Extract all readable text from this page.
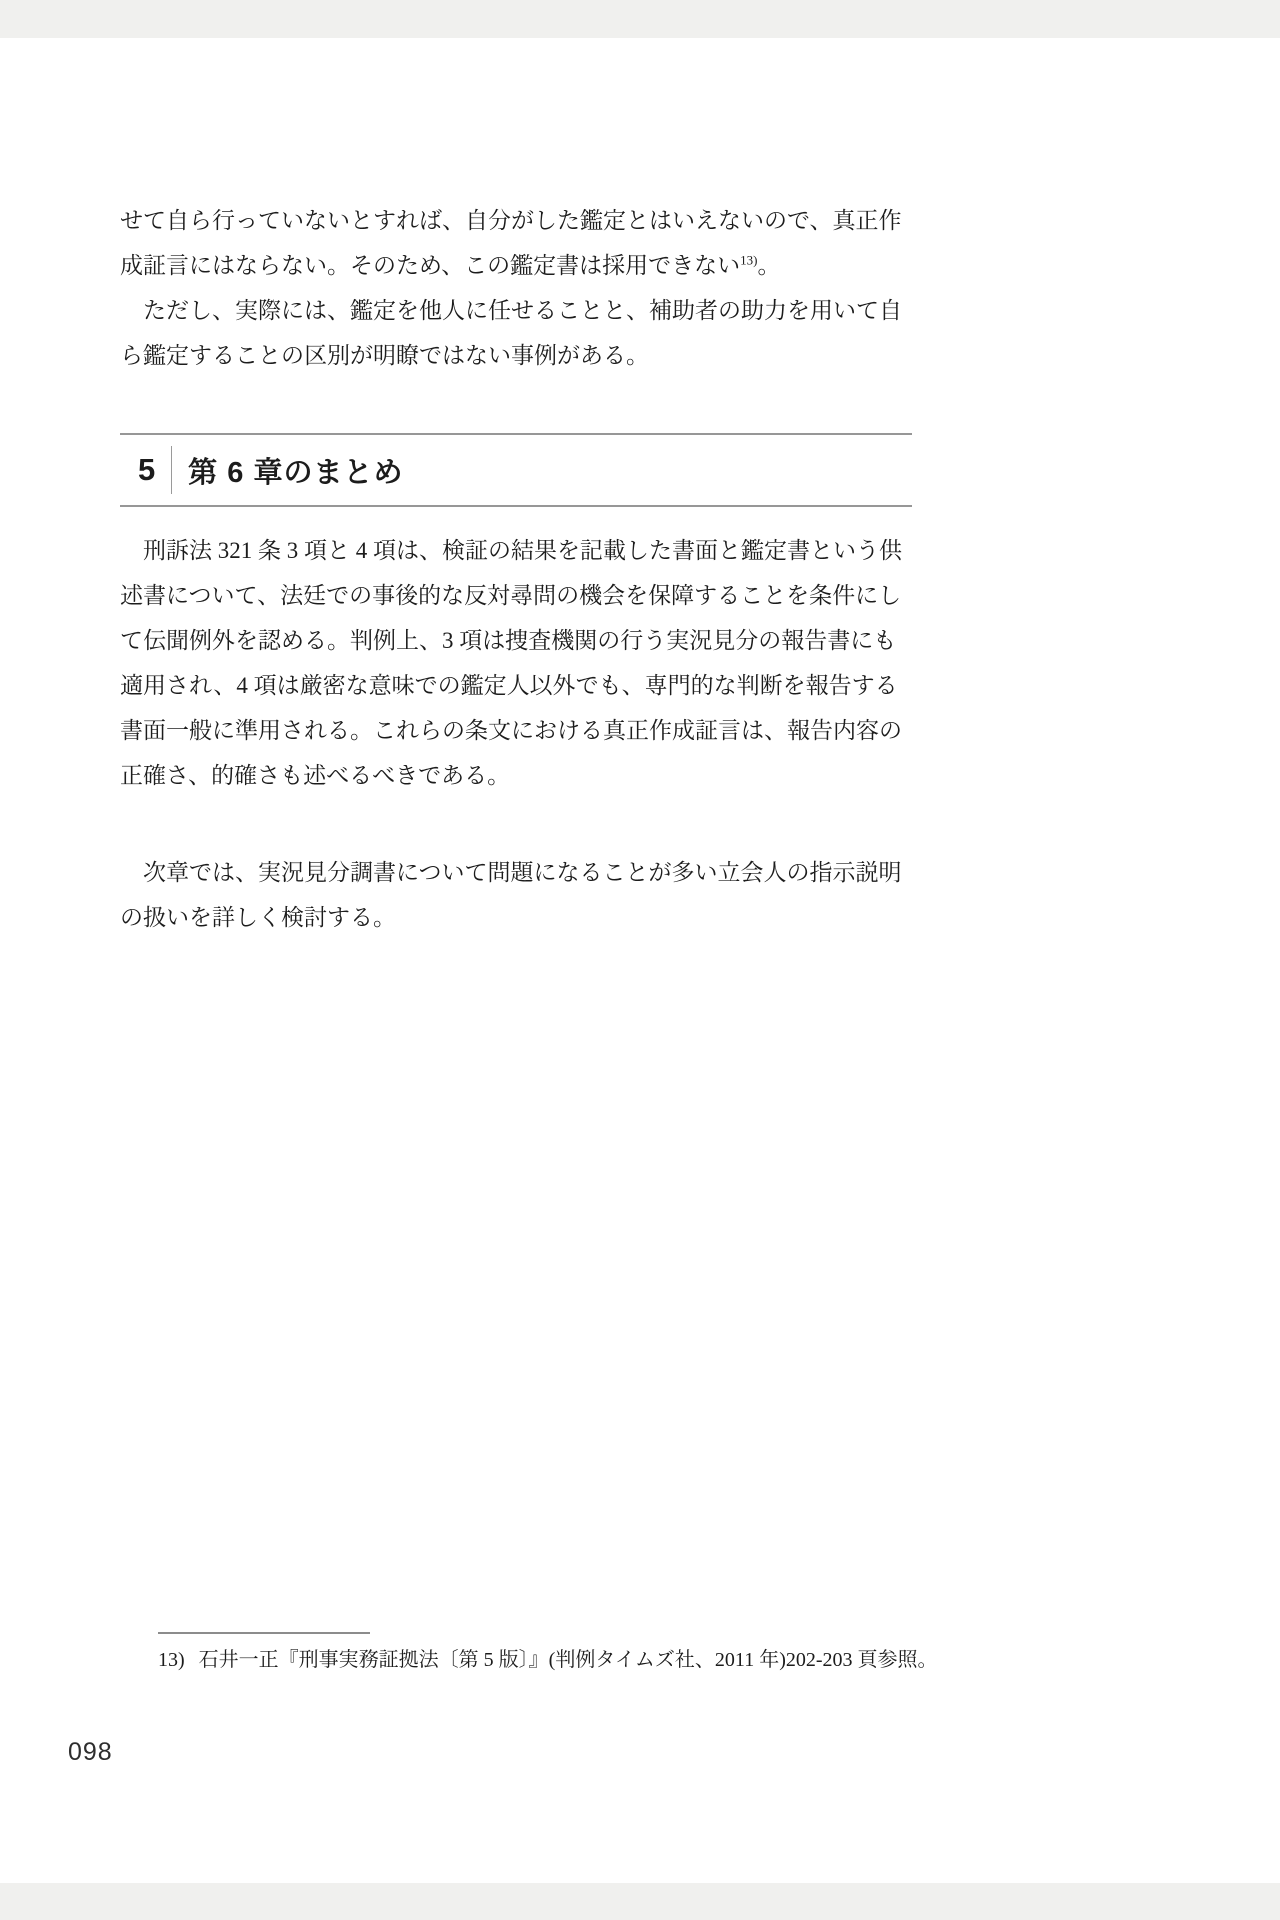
せて自ら行っていないとすれば、自分がした鑑定とはいえないので、真正作
成証言にはならない。そのため、この鑑定書は採用できない$^{13)}$。
ただし、実際には、鑑定を他人に任せることと、補助者の助力を用いて自
ら鑑定することの区別が明瞭ではない事例がある。
5 第 6 章のまとめ
刑訴法 321 条 3 項と 4 項は、検証の結果を記載した書面と鑑定書という供
述書について、法廷での事後的な反対尋問の機会を保障することを条件にし
て伝聞例外を認める。判例上、3 項は捜査機関の行う実況見分の報告書にも
適用され、4 項は厳密な意味での鑑定人以外でも、専門的な判断を報告する
書面一般に準用される。これらの条文における真正作成証言は、報告内容の
正確さ、的確さも述べるべきである。
次章では、実況見分調書について問題になることが多い立会人の指示説明
の扱いを詳しく検討する。
13) 石井一正『刑事実務証拠法〔第 5 版〕』(判例タイムズ社、2011 年)202-203 頁参照。
098
